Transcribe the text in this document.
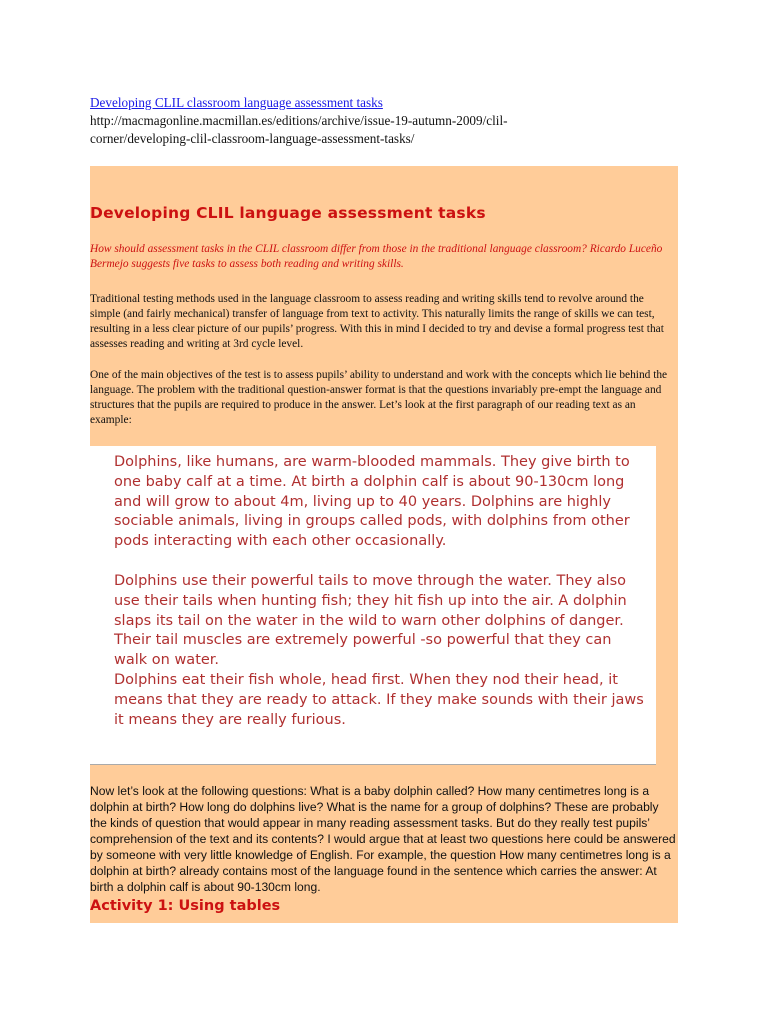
Developing CLIL classroom language assessment tasks
http://macmagonline.macmillan.es/editions/archive/issue-19-autumn-2009/clil-
corner/developing-clil-classroom-language-assessment-tasks/
Developing CLIL language assessment tasks

How should assessment tasks in the CLIL classroom differ from those in the traditional language classroom? Ricardo Luceño Bermejo suggests five tasks to assess both reading and writing skills.

Traditional testing methods used in the language classroom to assess reading and writing skills tend to revolve around the simple (and fairly mechanical) transfer of language from text to activity. This naturally limits the range of skills we can test, resulting in a less clear picture of our pupils’ progress. With this in mind I decided to try and devise a formal progress test that assesses reading and writing at 3rd cycle level.

One of the main objectives of the test is to assess pupils’ ability to understand and work with the concepts which lie behind the language. The problem with the traditional question-answer format is that the questions invariably pre-empt the language and structures that the pupils are required to produce in the answer. Let’s look at the first paragraph of our reading text as an example:

Dolphins, like humans, are warm-blooded mammals. They give birth to one baby calf at a time. At birth a dolphin calf is about 90-130cm long and will grow to about 4m, living up to 40 years. Dolphins are highly sociable animals, living in groups called pods, with dolphins from other pods interacting with each other occasionally.

Dolphins use their powerful tails to move through the water. They also use their tails when hunting fish; they hit fish up into the air. A dolphin slaps its tail on the water in the wild to warn other dolphins of danger. Their tail muscles are extremely powerful -so powerful that they can walk on water.

Dolphins eat their fish whole, head first. When they nod their head, it means that they are ready to attack. If they make sounds with their jaws it means they are really furious.

Now let’s look at the following questions: What is a baby dolphin called? How many centimetres long is a dolphin at birth? How long do dolphins live? What is the name for a group of dolphins? These are probably the kinds of question that would appear in many reading assessment tasks. But do they really test pupils’ comprehension of the text and its contents? I would argue that at least two questions here could be answered by someone with very little knowledge of English. For example, the question How many centimetres long is a dolphin at birth? already contains most of the language found in the sentence which carries the answer: At birth a dolphin calf is about 90-130cm long.

Activity 1: Using tables
